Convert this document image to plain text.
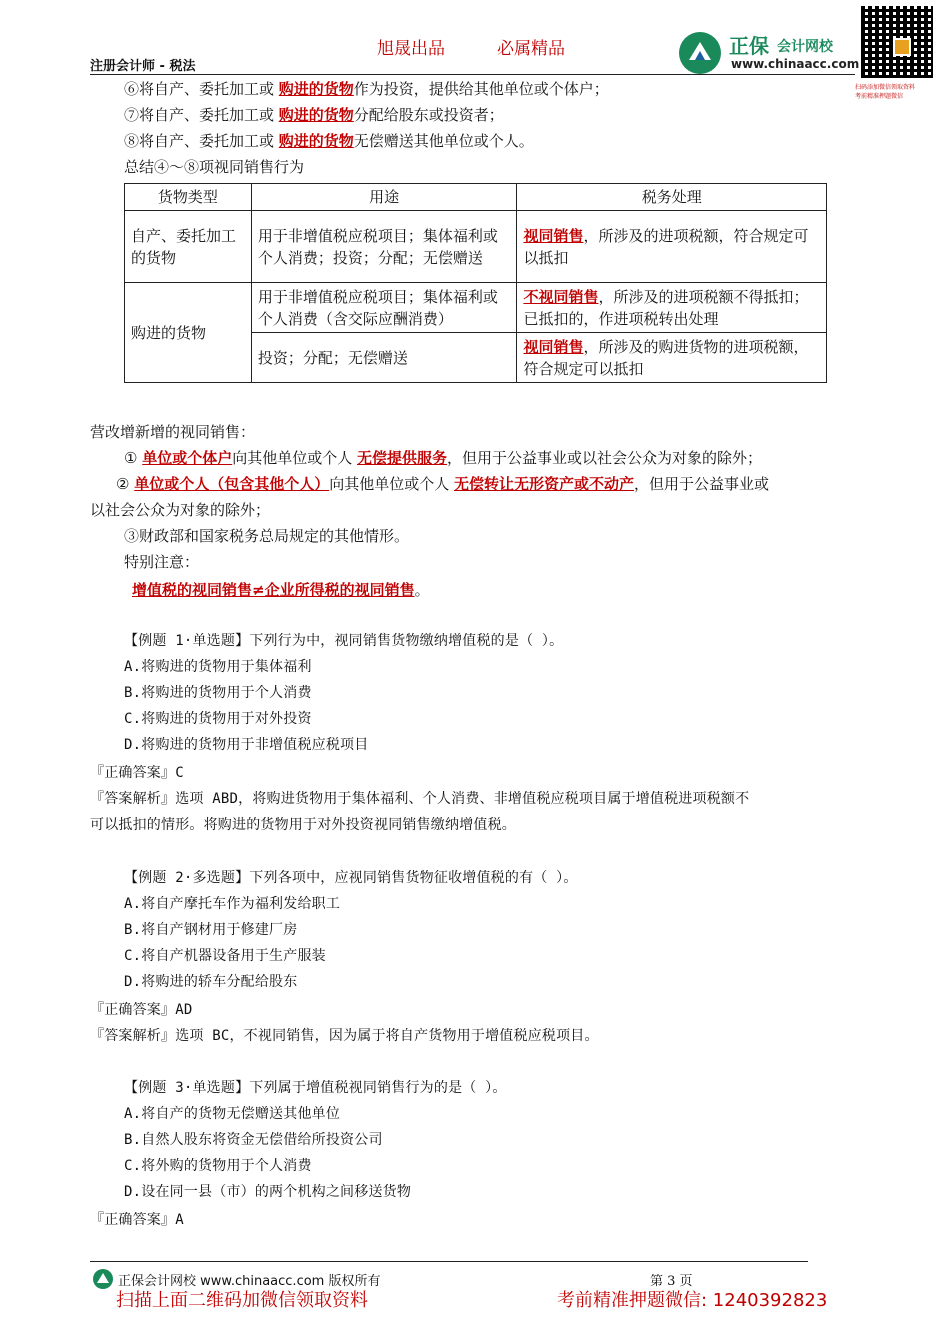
旭晟出品	必属精品
注册会计师 - 税法
正保 会计网校
www.chinaacc.com
扫码添加微信领取资料
考前精准押题微信
⑥将自产、委托加工或 购进的货物作为投资，提供给其他单位或个体户；
⑦将自产、委托加工或 购进的货物分配给股东或投资者；
⑧将自产、委托加工或 购进的货物无偿赠送其他单位或个人。
总结④～⑧项视同销售行为
货物类型	用途	税务处理
自产、委托加工的货物	用于非增值税应税项目；集体福利或个人消费；投资；分配；无偿赠送	视同销售，所涉及的进项税额，符合规定可以抵扣
购进的货物	用于非增值税应税项目；集体福利或个人消费（含交际应酬消费）	不视同销售，所涉及的进项税额不得抵扣；已抵扣的，作进项税转出处理
	投资；分配；无偿赠送	视同销售，所涉及的购进货物的进项税额，符合规定可以抵扣
营改增新增的视同销售：
① 单位或个体户向其他单位或个人 无偿提供服务，但用于公益事业或以社会公众为对象的除外；
② 单位或个人（包含其他个人）向其他单位或个人 无偿转让无形资产或不动产，但用于公益事业或
以社会公众为对象的除外；
③财政部和国家税务总局规定的其他情形。
特别注意：
增值税的视同销售≠企业所得税的视同销售。
【例题 1·单选题】下列行为中，视同销售货物缴纳增值税的是（ ）。
A.将购进的货物用于集体福利
B.将购进的货物用于个人消费
C.将购进的货物用于对外投资
D.将购进的货物用于非增值税应税项目
『正确答案』C
『答案解析』选项 ABD，将购进货物用于集体福利、个人消费、非增值税应税项目属于增值税进项税额不
可以抵扣的情形。将购进的货物用于对外投资视同销售缴纳增值税。
【例题 2·多选题】下列各项中，应视同销售货物征收增值税的有（ ）。
A.将自产摩托车作为福利发给职工
B.将自产钢材用于修建厂房
C.将自产机器设备用于生产服装
D.将购进的轿车分配给股东
『正确答案』AD
『答案解析』选项 BC，不视同销售，因为属于将自产货物用于增值税应税项目。
【例题 3·单选题】下列属于增值税视同销售行为的是（ ）。
A.将自产的货物无偿赠送其他单位
B.自然人股东将资金无偿借给所投资公司
C.将外购的货物用于个人消费
D.设在同一县（市）的两个机构之间移送货物
『正确答案』A
正保会计网校 www.chinaacc.com 版权所有	第 3 页
扫描上面二维码加微信领取资料	考前精准押题微信: 1240392823
